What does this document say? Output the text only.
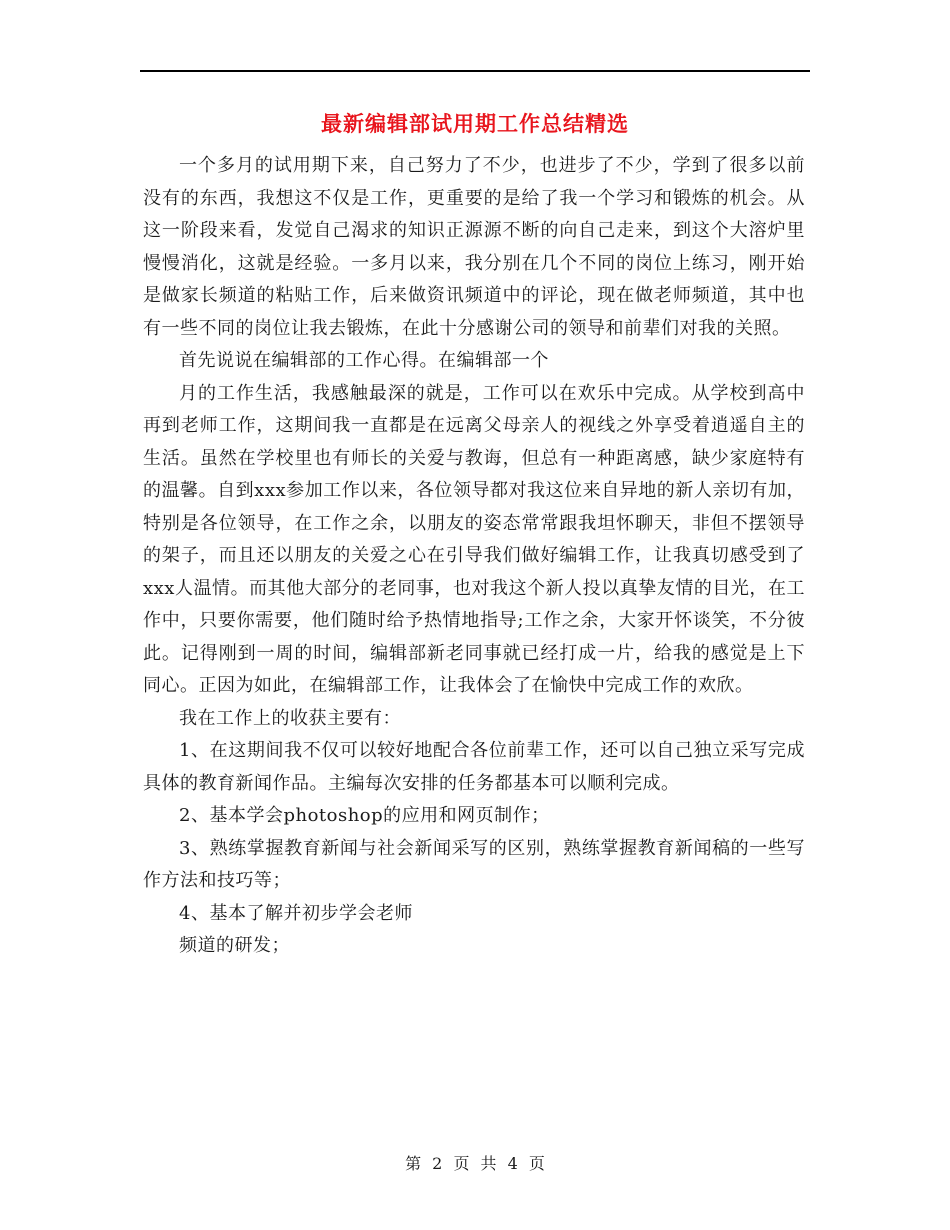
最新编辑部试用期工作总结精选

一个多月的试用期下来，自己努力了不少，也进步了不少，学到了很多以前没有的东西，我想这不仅是工作，更重要的是给了我一个学习和锻炼的机会。从这一阶段来看，发觉自己渴求的知识正源源不断的向自己走来，到这个大溶炉里慢慢消化，这就是经验。一多月以来，我分别在几个不同的岗位上练习，刚开始是做家长频道的粘贴工作，后来做资讯频道中的评论，现在做老师频道，其中也有一些不同的岗位让我去锻炼，在此十分感谢公司的领导和前辈们对我的关照。

首先说说在编辑部的工作心得。在编辑部一个

月的工作生活，我感触最深的就是，工作可以在欢乐中完成。从学校到高中再到老师工作，这期间我一直都是在远离父母亲人的视线之外享受着逍遥自主的生活。虽然在学校里也有师长的关爱与教诲，但总有一种距离感，缺少家庭特有的温馨。自到xxx参加工作以来，各位领导都对我这位来自异地的新人亲切有加，特别是各位领导，在工作之余，以朋友的姿态常常跟我坦怀聊天，非但不摆领导的架子，而且还以朋友的关爱之心在引导我们做好编辑工作，让我真切感受到了xxx人温情。而其他大部分的老同事，也对我这个新人投以真挚友情的目光，在工作中，只要你需要，他们随时给予热情地指导;工作之余，大家开怀谈笑，不分彼此。记得刚到一周的时间，编辑部新老同事就已经打成一片，给我的感觉是上下同心。正因为如此，在编辑部工作，让我体会了在愉快中完成工作的欢欣。

我在工作上的收获主要有：

1、在这期间我不仅可以较好地配合各位前辈工作，还可以自己独立采写完成具体的教育新闻作品。主编每次安排的任务都基本可以顺利完成。

2、基本学会photoshop的应用和网页制作；

3、熟练掌握教育新闻与社会新闻采写的区别，熟练掌握教育新闻稿的一些写作方法和技巧等；

4、基本了解并初步学会老师

频道的研发；

第 2 页 共 4 页
